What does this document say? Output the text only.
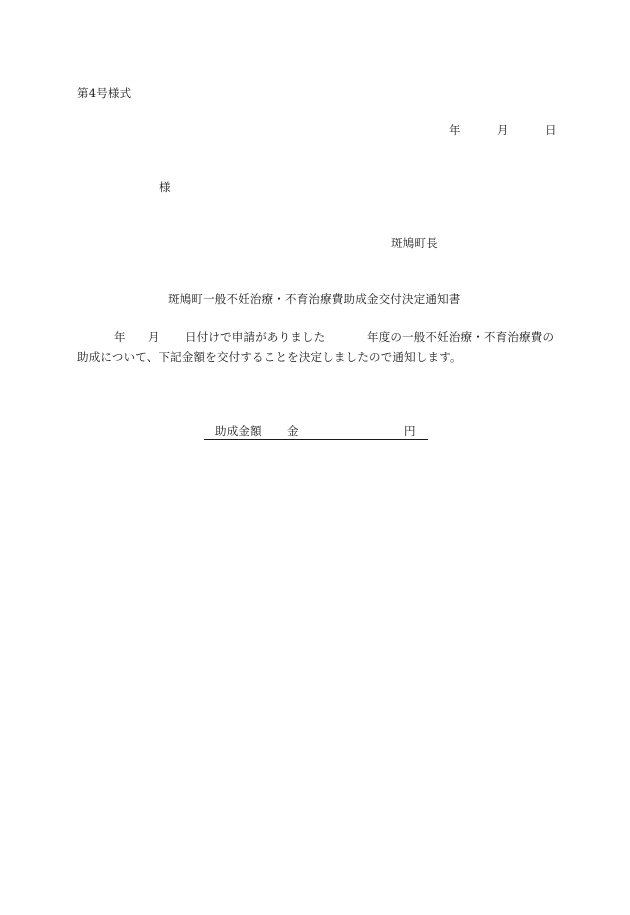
第4号様式
年	月	日
様
斑鳩町長
斑鳩町一般不妊治療・不育治療費助成金交付決定通知書
年 月 日付けで申請がありました	年度の一般不妊治療・不育治療費の
助成について、下記金額を交付することを決定しましたので通知します。
助成金額 金	円
